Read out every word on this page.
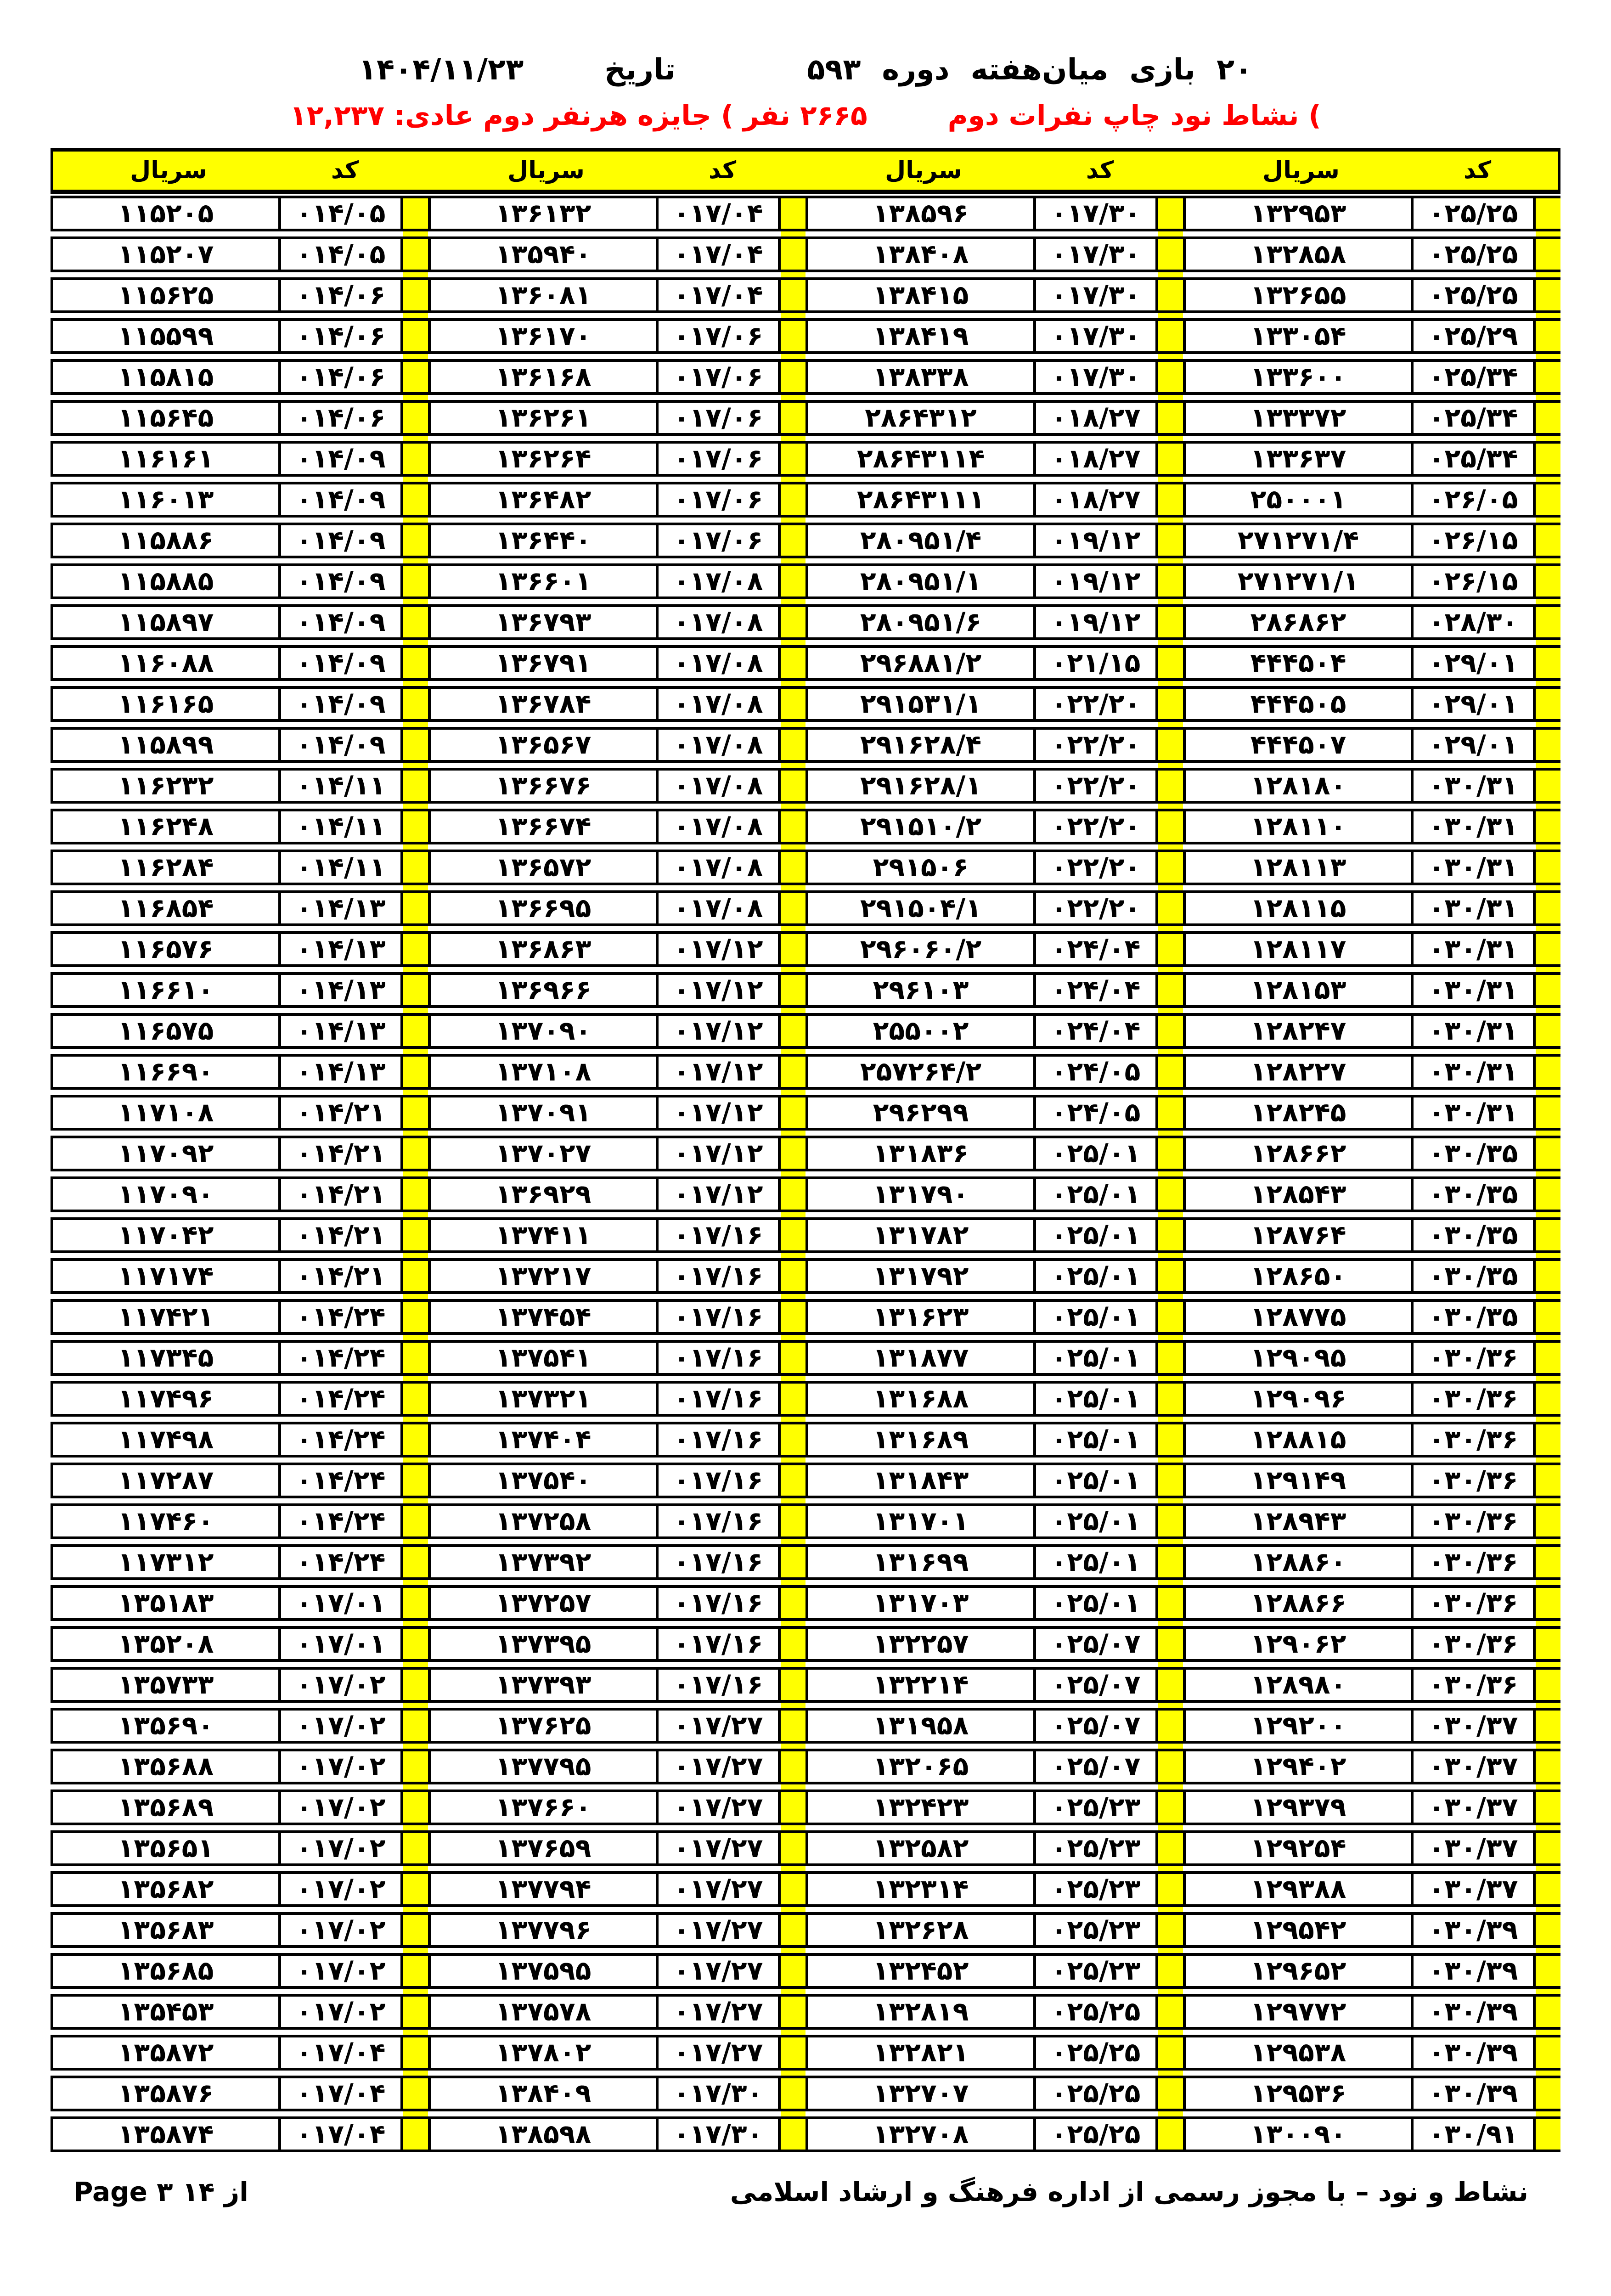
۲۰
بازی
میان‌هفته
دوره
۵۹۳
تاریخ
۱۴۰۴/۱۱/۲۳
) نشاط نود چاپ نفرات دوم
۲۶۶۵ نفر ) جایزه هرنفر دوم عادی: ۱۲,۲۳۷
سریال	کد	سریال	کد	سریال	کد	سریال	کد
۱۱۵۲۰۵	۰۱۴/۰۵	۱۳۶۱۳۲	۰۱۷/۰۴	۱۳۸۵۹۶	۰۱۷/۳۰	۱۳۲۹۵۳	۰۲۵/۲۵
۱۱۵۲۰۷	۰۱۴/۰۵	۱۳۵۹۴۰	۰۱۷/۰۴	۱۳۸۴۰۸	۰۱۷/۳۰	۱۳۲۸۵۸	۰۲۵/۲۵
۱۱۵۶۲۵	۰۱۴/۰۶	۱۳۶۰۸۱	۰۱۷/۰۴	۱۳۸۴۱۵	۰۱۷/۳۰	۱۳۲۶۵۵	۰۲۵/۲۵
۱۱۵۵۹۹	۰۱۴/۰۶	۱۳۶۱۷۰	۰۱۷/۰۶	۱۳۸۴۱۹	۰۱۷/۳۰	۱۳۳۰۵۴	۰۲۵/۲۹
۱۱۵۸۱۵	۰۱۴/۰۶	۱۳۶۱۶۸	۰۱۷/۰۶	۱۳۸۳۳۸	۰۱۷/۳۰	۱۳۳۶۰۰	۰۲۵/۳۴
۱۱۵۶۴۵	۰۱۴/۰۶	۱۳۶۲۶۱	۰۱۷/۰۶	۲۸۶۴۳۱۲	۰۱۸/۲۷	۱۳۳۳۷۲	۰۲۵/۳۴
۱۱۶۱۶۱	۰۱۴/۰۹	۱۳۶۲۶۴	۰۱۷/۰۶	۲۸۶۴۳۱۱۴	۰۱۸/۲۷	۱۳۳۶۳۷	۰۲۵/۳۴
۱۱۶۰۱۳	۰۱۴/۰۹	۱۳۶۴۸۲	۰۱۷/۰۶	۲۸۶۴۳۱۱۱	۰۱۸/۲۷	۲۵۰۰۰۱	۰۲۶/۰۵
۱۱۵۸۸۶	۰۱۴/۰۹	۱۳۶۴۴۰	۰۱۷/۰۶	۲۸۰۹۵۱/۴	۰۱۹/۱۲	۲۷۱۲۷۱/۴	۰۲۶/۱۵
۱۱۵۸۸۵	۰۱۴/۰۹	۱۳۶۶۰۱	۰۱۷/۰۸	۲۸۰۹۵۱/۱	۰۱۹/۱۲	۲۷۱۲۷۱/۱	۰۲۶/۱۵
۱۱۵۸۹۷	۰۱۴/۰۹	۱۳۶۷۹۳	۰۱۷/۰۸	۲۸۰۹۵۱/۶	۰۱۹/۱۲	۲۸۶۸۶۲	۰۲۸/۳۰
۱۱۶۰۸۸	۰۱۴/۰۹	۱۳۶۷۹۱	۰۱۷/۰۸	۲۹۶۸۸۱/۲	۰۲۱/۱۵	۴۴۴۵۰۴	۰۲۹/۰۱
۱۱۶۱۶۵	۰۱۴/۰۹	۱۳۶۷۸۴	۰۱۷/۰۸	۲۹۱۵۳۱/۱	۰۲۲/۲۰	۴۴۴۵۰۵	۰۲۹/۰۱
۱۱۵۸۹۹	۰۱۴/۰۹	۱۳۶۵۶۷	۰۱۷/۰۸	۲۹۱۶۲۸/۴	۰۲۲/۲۰	۴۴۴۵۰۷	۰۲۹/۰۱
۱۱۶۲۳۲	۰۱۴/۱۱	۱۳۶۶۷۶	۰۱۷/۰۸	۲۹۱۶۲۸/۱	۰۲۲/۲۰	۱۲۸۱۸۰	۰۳۰/۳۱
۱۱۶۲۴۸	۰۱۴/۱۱	۱۳۶۶۷۴	۰۱۷/۰۸	۲۹۱۵۱۰/۲	۰۲۲/۲۰	۱۲۸۱۱۰	۰۳۰/۳۱
۱۱۶۲۸۴	۰۱۴/۱۱	۱۳۶۵۷۲	۰۱۷/۰۸	۲۹۱۵۰۶	۰۲۲/۲۰	۱۲۸۱۱۳	۰۳۰/۳۱
۱۱۶۸۵۴	۰۱۴/۱۳	۱۳۶۶۹۵	۰۱۷/۰۸	۲۹۱۵۰۴/۱	۰۲۲/۲۰	۱۲۸۱۱۵	۰۳۰/۳۱
۱۱۶۵۷۶	۰۱۴/۱۳	۱۳۶۸۶۳	۰۱۷/۱۲	۲۹۶۰۶۰/۲	۰۲۴/۰۴	۱۲۸۱۱۷	۰۳۰/۳۱
۱۱۶۶۱۰	۰۱۴/۱۳	۱۳۶۹۶۶	۰۱۷/۱۲	۲۹۶۱۰۳	۰۲۴/۰۴	۱۲۸۱۵۳	۰۳۰/۳۱
۱۱۶۵۷۵	۰۱۴/۱۳	۱۳۷۰۹۰	۰۱۷/۱۲	۲۵۵۰۰۲	۰۲۴/۰۴	۱۲۸۲۴۷	۰۳۰/۳۱
۱۱۶۶۹۰	۰۱۴/۱۳	۱۳۷۱۰۸	۰۱۷/۱۲	۲۵۷۲۶۴/۲	۰۲۴/۰۵	۱۲۸۲۲۷	۰۳۰/۳۱
۱۱۷۱۰۸	۰۱۴/۲۱	۱۳۷۰۹۱	۰۱۷/۱۲	۲۹۶۲۹۹	۰۲۴/۰۵	۱۲۸۲۴۵	۰۳۰/۳۱
۱۱۷۰۹۲	۰۱۴/۲۱	۱۳۷۰۲۷	۰۱۷/۱۲	۱۳۱۸۳۶	۰۲۵/۰۱	۱۲۸۶۶۲	۰۳۰/۳۵
۱۱۷۰۹۰	۰۱۴/۲۱	۱۳۶۹۲۹	۰۱۷/۱۲	۱۳۱۷۹۰	۰۲۵/۰۱	۱۲۸۵۴۳	۰۳۰/۳۵
۱۱۷۰۴۲	۰۱۴/۲۱	۱۳۷۴۱۱	۰۱۷/۱۶	۱۳۱۷۸۲	۰۲۵/۰۱	۱۲۸۷۶۴	۰۳۰/۳۵
۱۱۷۱۷۴	۰۱۴/۲۱	۱۳۷۲۱۷	۰۱۷/۱۶	۱۳۱۷۹۲	۰۲۵/۰۱	۱۲۸۶۵۰	۰۳۰/۳۵
۱۱۷۴۲۱	۰۱۴/۲۴	۱۳۷۴۵۴	۰۱۷/۱۶	۱۳۱۶۲۳	۰۲۵/۰۱	۱۲۸۷۷۵	۰۳۰/۳۵
۱۱۷۳۴۵	۰۱۴/۲۴	۱۳۷۵۴۱	۰۱۷/۱۶	۱۳۱۸۷۷	۰۲۵/۰۱	۱۲۹۰۹۵	۰۳۰/۳۶
۱۱۷۴۹۶	۰۱۴/۲۴	۱۳۷۳۲۱	۰۱۷/۱۶	۱۳۱۶۸۸	۰۲۵/۰۱	۱۲۹۰۹۶	۰۳۰/۳۶
۱۱۷۴۹۸	۰۱۴/۲۴	۱۳۷۴۰۴	۰۱۷/۱۶	۱۳۱۶۸۹	۰۲۵/۰۱	۱۲۸۸۱۵	۰۳۰/۳۶
۱۱۷۲۸۷	۰۱۴/۲۴	۱۳۷۵۴۰	۰۱۷/۱۶	۱۳۱۸۴۳	۰۲۵/۰۱	۱۲۹۱۴۹	۰۳۰/۳۶
۱۱۷۴۶۰	۰۱۴/۲۴	۱۳۷۲۵۸	۰۱۷/۱۶	۱۳۱۷۰۱	۰۲۵/۰۱	۱۲۸۹۴۳	۰۳۰/۳۶
۱۱۷۳۱۲	۰۱۴/۲۴	۱۳۷۳۹۲	۰۱۷/۱۶	۱۳۱۶۹۹	۰۲۵/۰۱	۱۲۸۸۶۰	۰۳۰/۳۶
۱۳۵۱۸۳	۰۱۷/۰۱	۱۳۷۲۵۷	۰۱۷/۱۶	۱۳۱۷۰۳	۰۲۵/۰۱	۱۲۸۸۶۶	۰۳۰/۳۶
۱۳۵۲۰۸	۰۱۷/۰۱	۱۳۷۳۹۵	۰۱۷/۱۶	۱۳۲۲۵۷	۰۲۵/۰۷	۱۲۹۰۶۲	۰۳۰/۳۶
۱۳۵۷۳۳	۰۱۷/۰۲	۱۳۷۳۹۳	۰۱۷/۱۶	۱۳۲۲۱۴	۰۲۵/۰۷	۱۲۸۹۸۰	۰۳۰/۳۶
۱۳۵۶۹۰	۰۱۷/۰۲	۱۳۷۶۲۵	۰۱۷/۲۷	۱۳۱۹۵۸	۰۲۵/۰۷	۱۲۹۲۰۰	۰۳۰/۳۷
۱۳۵۶۸۸	۰۱۷/۰۲	۱۳۷۷۹۵	۰۱۷/۲۷	۱۳۲۰۶۵	۰۲۵/۰۷	۱۲۹۴۰۲	۰۳۰/۳۷
۱۳۵۶۸۹	۰۱۷/۰۲	۱۳۷۶۶۰	۰۱۷/۲۷	۱۳۲۴۲۳	۰۲۵/۲۳	۱۲۹۳۷۹	۰۳۰/۳۷
۱۳۵۶۵۱	۰۱۷/۰۲	۱۳۷۶۵۹	۰۱۷/۲۷	۱۳۲۵۸۲	۰۲۵/۲۳	۱۲۹۲۵۴	۰۳۰/۳۷
۱۳۵۶۸۲	۰۱۷/۰۲	۱۳۷۷۹۴	۰۱۷/۲۷	۱۳۲۳۱۴	۰۲۵/۲۳	۱۲۹۳۸۸	۰۳۰/۳۷
۱۳۵۶۸۳	۰۱۷/۰۲	۱۳۷۷۹۶	۰۱۷/۲۷	۱۳۲۶۲۸	۰۲۵/۲۳	۱۲۹۵۴۲	۰۳۰/۳۹
۱۳۵۶۸۵	۰۱۷/۰۲	۱۳۷۵۹۵	۰۱۷/۲۷	۱۳۲۴۵۲	۰۲۵/۲۳	۱۲۹۶۵۲	۰۳۰/۳۹
۱۳۵۴۵۳	۰۱۷/۰۲	۱۳۷۵۷۸	۰۱۷/۲۷	۱۳۲۸۱۹	۰۲۵/۲۵	۱۲۹۷۷۲	۰۳۰/۳۹
۱۳۵۸۷۲	۰۱۷/۰۴	۱۳۷۸۰۲	۰۱۷/۲۷	۱۳۲۸۲۱	۰۲۵/۲۵	۱۲۹۵۳۸	۰۳۰/۳۹
۱۳۵۸۷۶	۰۱۷/۰۴	۱۳۸۴۰۹	۰۱۷/۳۰	۱۳۲۷۰۷	۰۲۵/۲۵	۱۲۹۵۳۶	۰۳۰/۳۹
۱۳۵۸۷۴	۰۱۷/۰۴	۱۳۸۵۹۸	۰۱۷/۳۰	۱۳۲۷۰۸	۰۲۵/۲۵	۱۳۰۰۹۰	۰۳۰/۹۱
Page ۳ از ۱۴	نشاط و نود – با مجوز رسمی از اداره فرهنگ و ارشاد اسلامی
